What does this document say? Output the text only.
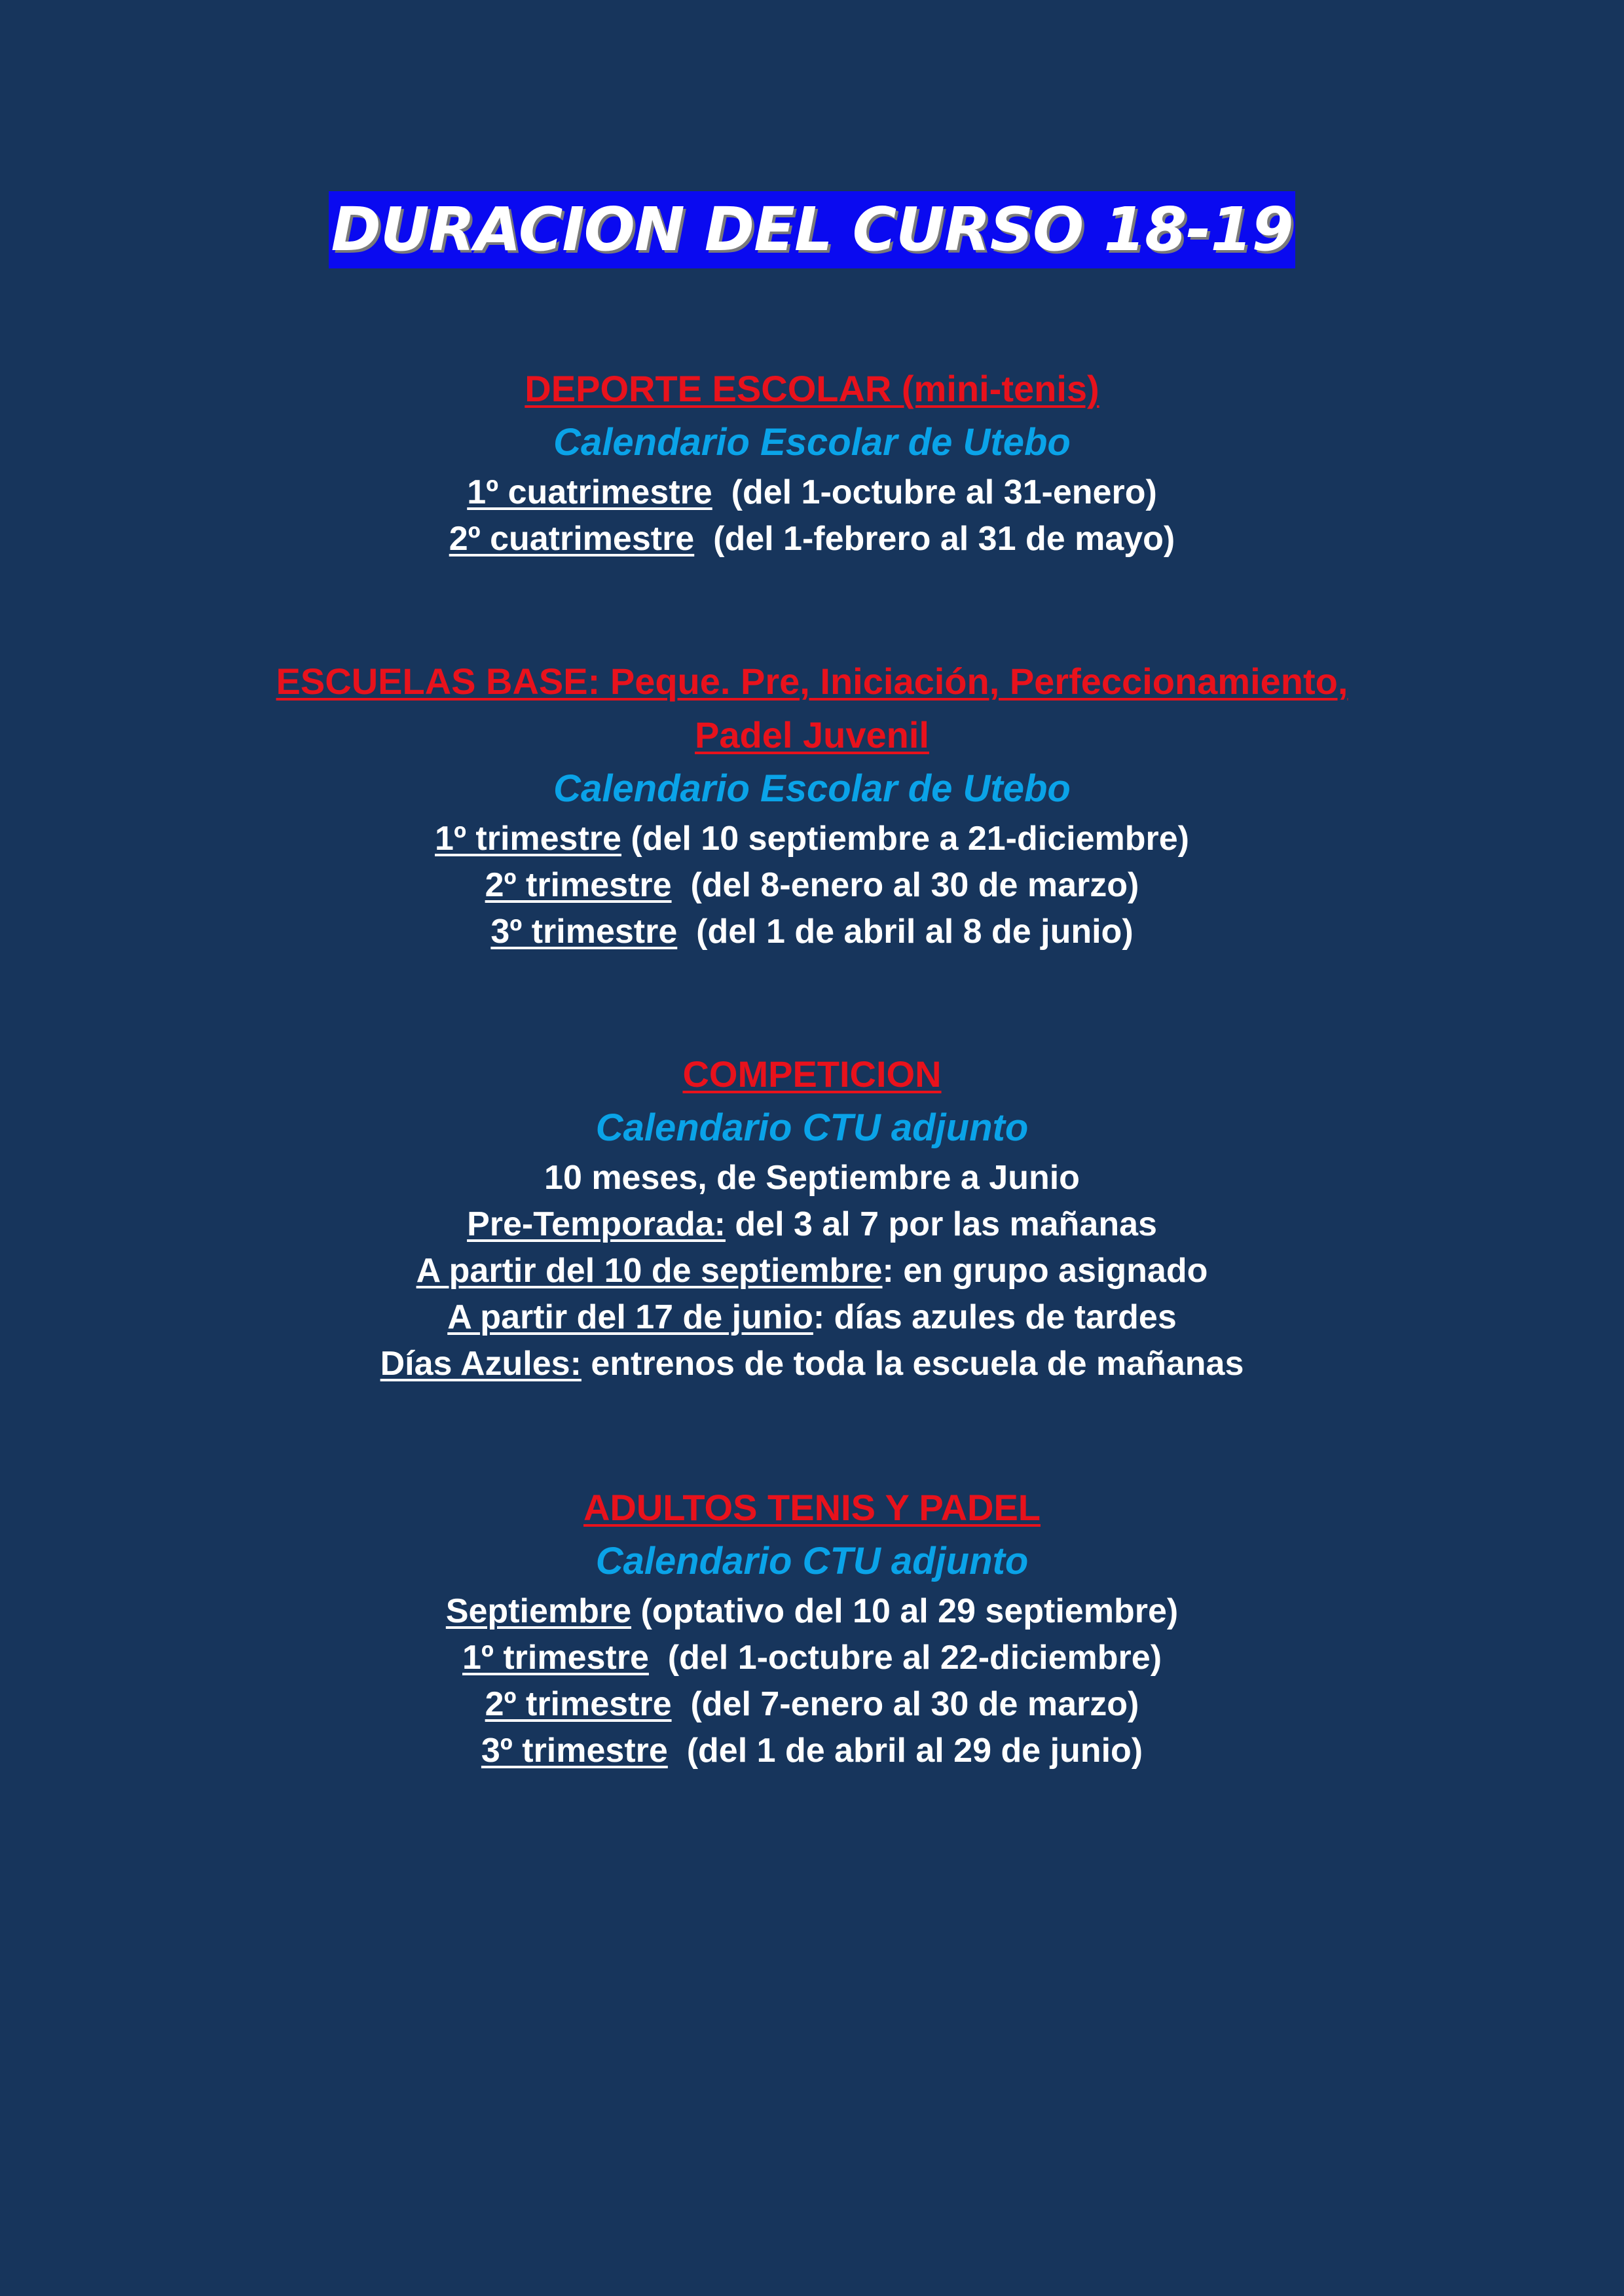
DURACION DEL CURSO 18-19
DEPORTE ESCOLAR (mini-tenis)
Calendario Escolar de Utebo
1º cuatrimestre  (del 1-octubre al 31-enero)
2º cuatrimestre  (del 1-febrero al 31 de mayo)
ESCUELAS BASE: Peque. Pre, Iniciación, Perfeccionamiento,
Padel Juvenil
Calendario Escolar de Utebo
1º trimestre (del 10 septiembre a 21-diciembre)
2º trimestre  (del 8-enero al 30 de marzo)
3º trimestre  (del 1 de abril al 8 de junio)
COMPETICION
Calendario CTU adjunto
10 meses, de Septiembre a Junio
Pre-Temporada: del 3 al 7 por las mañanas
A partir del 10 de septiembre: en grupo asignado
A partir del 17 de junio: días azules de tardes
Días Azules: entrenos de toda la escuela de mañanas
ADULTOS TENIS Y PADEL
Calendario CTU adjunto
Septiembre (optativo del 10 al 29 septiembre)
1º trimestre  (del 1-octubre al 22-diciembre)
2º trimestre  (del 7-enero al 30 de marzo)
3º trimestre  (del 1 de abril al 29 de junio)
